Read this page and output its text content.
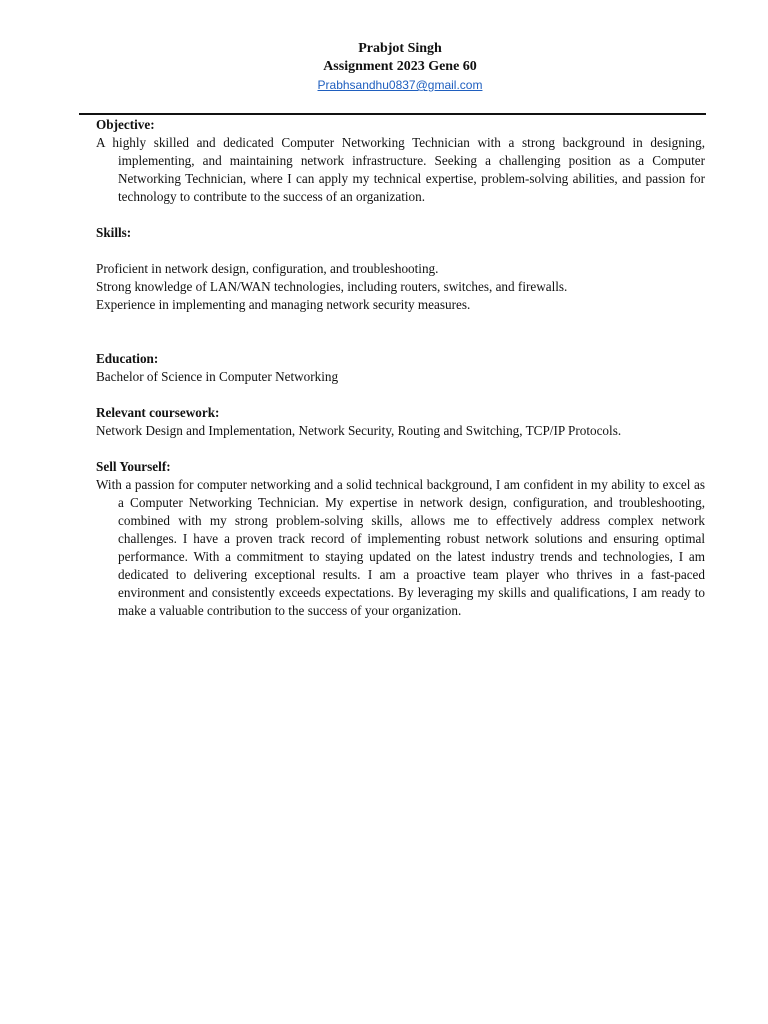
Prabjot Singh
Assignment 2023 Gene 60
Prabhsandhu0837@gmail.com

Objective:

A highly skilled and dedicated Computer Networking Technician with a strong background in designing, implementing, and maintaining network infrastructure. Seeking a challenging position as a Computer Networking Technician, where I can apply my technical expertise, problem-solving abilities, and passion for technology to contribute to the success of an organization.

Skills:

Proficient in network design, configuration, and troubleshooting.

Strong knowledge of LAN/WAN technologies, including routers, switches, and firewalls.

Experience in implementing and managing network security measures.

Education:

Bachelor of Science in Computer Networking

Relevant coursework:

Network Design and Implementation, Network Security, Routing and Switching, TCP/IP Protocols.

Sell Yourself:

With a passion for computer networking and a solid technical background, I am confident in my ability to excel as a Computer Networking Technician. My expertise in network design, configuration, and troubleshooting, combined with my strong problem-solving skills, allows me to effectively address complex network challenges. I have a proven track record of implementing robust network solutions and ensuring optimal performance. With a commitment to staying updated on the latest industry trends and technologies, I am dedicated to delivering exceptional results. I am a proactive team player who thrives in a fast-paced environment and consistently exceeds expectations. By leveraging my skills and qualifications, I am ready to make a valuable contribution to the success of your organization.
